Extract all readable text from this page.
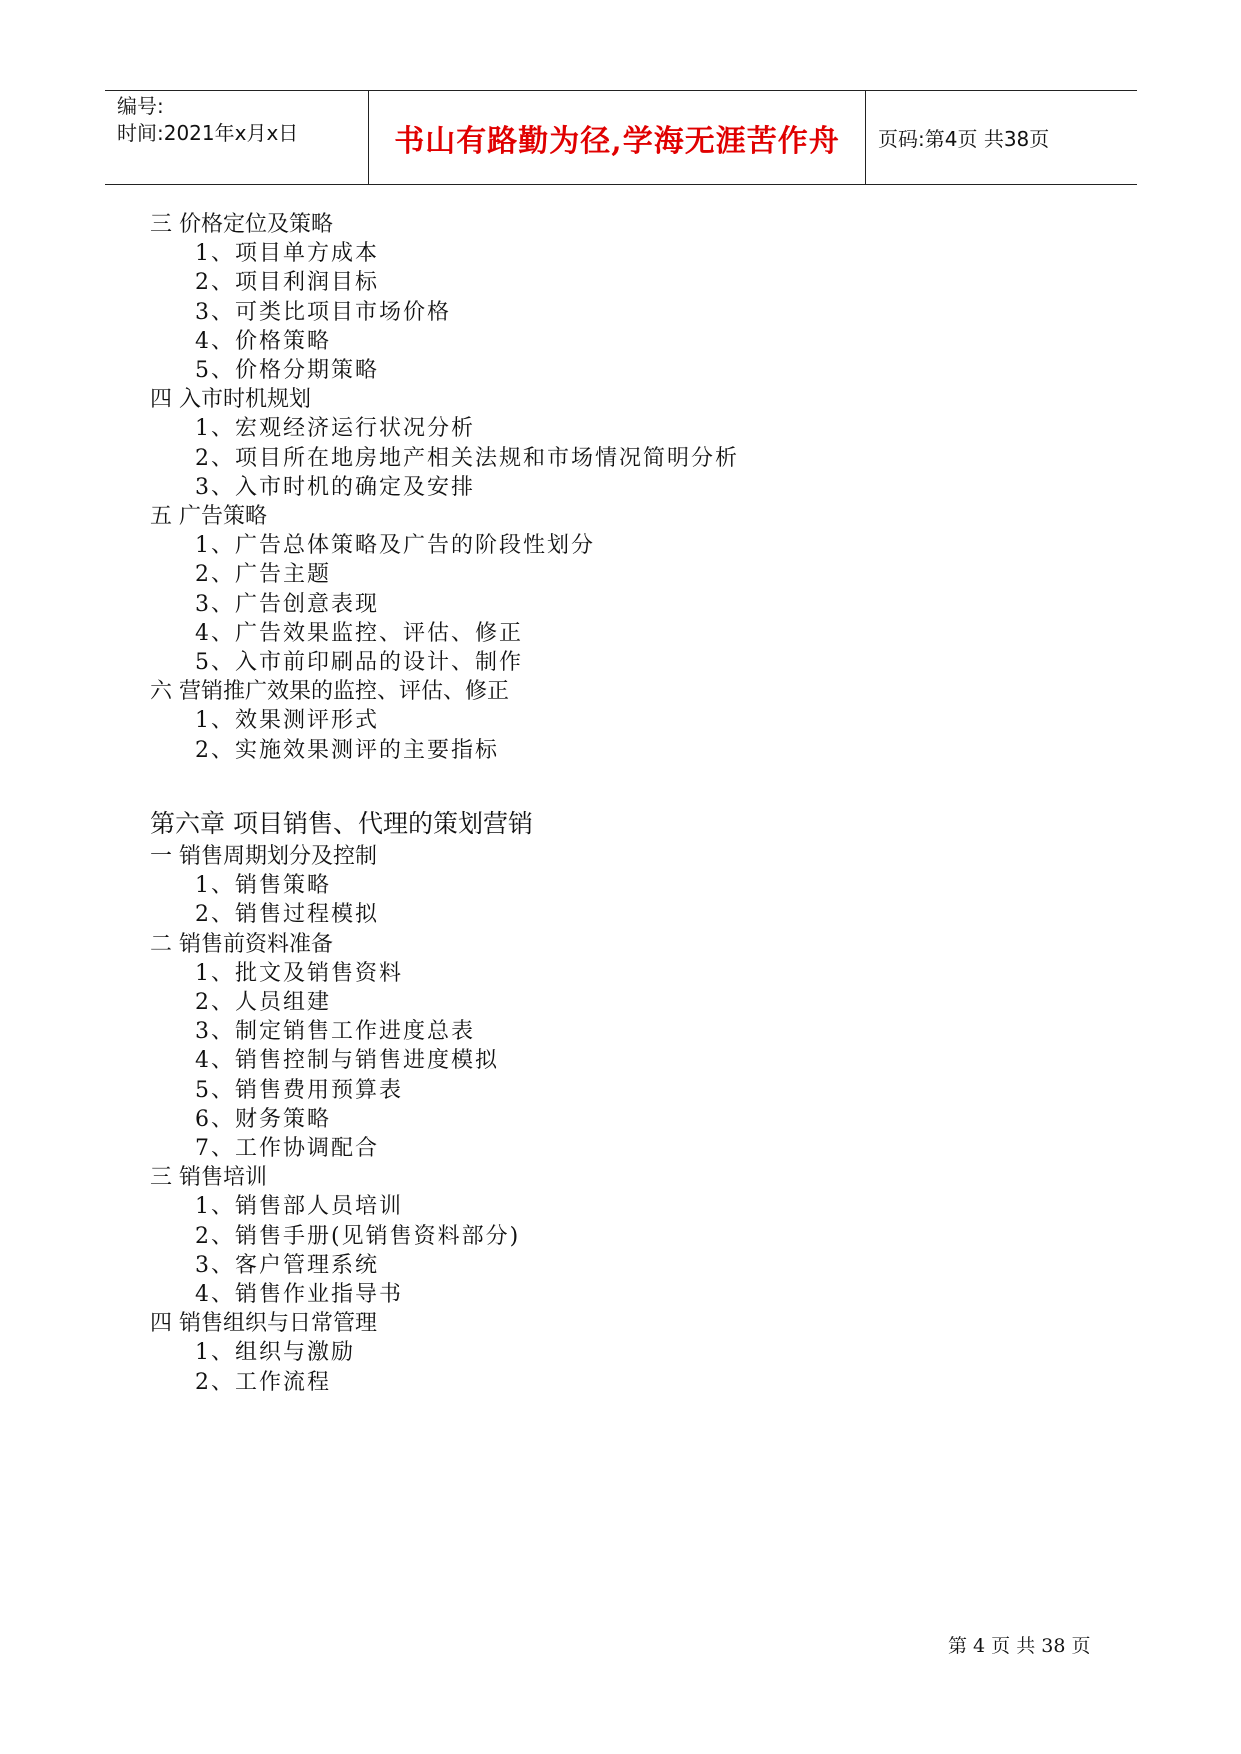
编号:
时间:2021年x月x日	书山有路勤为径,学海无涯苦作舟 页码:第4页 共38页
三 价格定位及策略
1、项目单方成本
2、项目利润目标
3、可类比项目市场价格
4、价格策略
5、价格分期策略
四 入市时机规划
1、宏观经济运行状况分析
2、项目所在地房地产相关法规和市场情况简明分析
3、入市时机的确定及安排
五 广告策略
1、广告总体策略及广告的阶段性划分
2、广告主题
3、广告创意表现
4、广告效果监控、评估、修正
5、入市前印刷品的设计、制作
六 营销推广效果的监控、评估、修正
1、效果测评形式
2、实施效果测评的主要指标
第六章 项目销售、代理的策划营销
一 销售周期划分及控制
1、销售策略
2、销售过程模拟
二 销售前资料准备
1、批文及销售资料
2、人员组建
3、制定销售工作进度总表
4、销售控制与销售进度模拟
5、销售费用预算表
6、财务策略
7、工作协调配合
三 销售培训
1、销售部人员培训
2、销售手册(见销售资料部分)
3、客户管理系统
4、销售作业指导书
四 销售组织与日常管理
1、组织与激励
2、工作流程
第 4 页 共 38 页
